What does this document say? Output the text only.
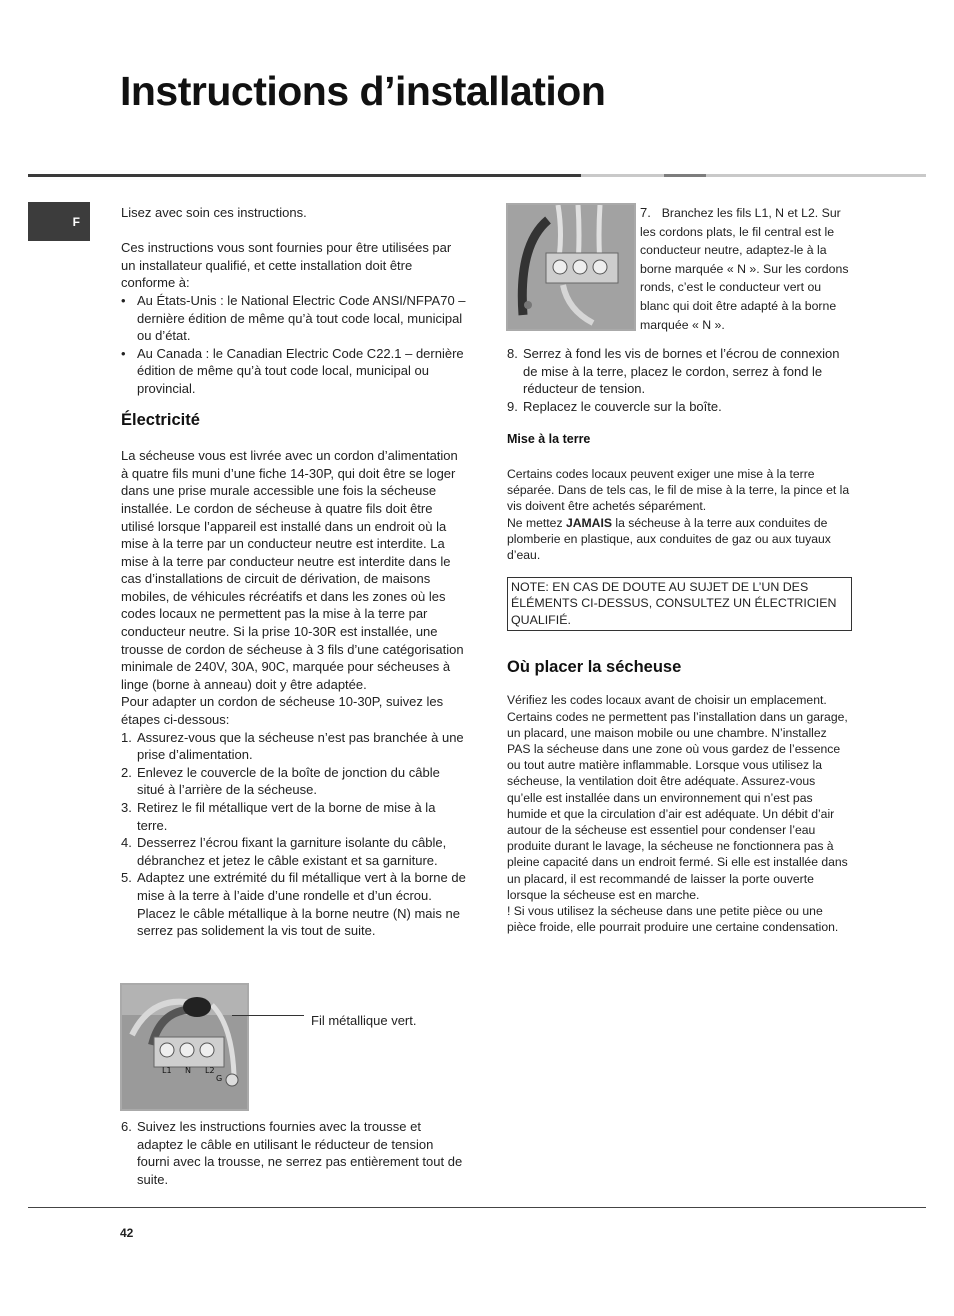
Instructions d’installation
F

Lisez avec soin ces instructions.

Ces instructions vous sont fournies pour être utilisées par un installateur qualifié, et cette installation doit être conforme à:

• Au États-Unis : le National Electric Code ANSI/NFPA70 – dernière édition de même qu’à tout code local, municipal ou d’état.
• Au Canada : le Canadian Electric Code C22.1 – dernière édition de même qu’à tout code local, municipal ou provincial.
Électricité

La sécheuse vous est livrée avec un cordon d’alimentation à quatre fils muni d’une fiche 14-30P, qui doit être se loger dans une prise murale accessible une fois la sécheuse installée. Le cordon de sécheuse à quatre fils doit être utilisé lorsque l’appareil est installé dans un endroit où la mise à la terre par un conducteur neutre est interdite. La mise à la terre par conducteur neutre est interdite dans le cas d’installations de circuit de dérivation, de maisons mobiles, de véhicules récréatifs et dans les zones où les codes locaux ne permettent pas la mise à la terre par conducteur neutre. Si la prise 10-30R est installée, une trousse de cordon de sécheuse à 3 fils d’une catégorisation minimale de 240V, 30A, 90C, marquée pour sécheuses à linge (borne à anneau) doit y être adaptée.

Pour adapter un cordon de sécheuse 10-30P, suivez les étapes ci-dessous:

1. Assurez-vous que la sécheuse n’est pas branchée à une prise d’alimentation.
2. Enlevez le couvercle de la boîte de jonction du câble situé à l’arrière de la sécheuse.
3. Retirez le fil métallique vert de la borne de mise à la terre.
4. Desserrez l’écrou fixant la garniture isolante du câble, débranchez et jetez le câble existant et sa garniture.
5. Adaptez une extrémité du fil métallique vert à la borne de mise à la terre à l’aide d’une rondelle et d’un écrou. Placez le câble métallique à la borne neutre (N) mais ne serrez pas solidement la vis tout de suite.
L1 N L2
G
Fil métallique vert.
6. Suivez les instructions fournies avec la trousse et adaptez le câble en utilisant le réducteur de tension fourni avec la trousse, ne serrez pas entièrement tout de suite.
7. Branchez les fils L1, N et L2. Sur les cordons plats, le fil central est le conducteur neutre, adaptez-le à la borne marquée « N ». Sur les cordons ronds, c’est le conducteur vert ou blanc qui doit être adapté à la borne marquée « N ».
8. Serrez à fond les vis de bornes et l’écrou de connexion de mise à la terre, placez le cordon, serrez à fond le réducteur de tension.
9. Replacez le couvercle sur la boîte.
Mise à la terre

Certains codes locaux peuvent exiger une mise à la terre séparée. Dans de tels cas, le fil de mise à la terre, la pince et la vis doivent être achetés séparément.

Ne mettez JAMAIS la sécheuse à la terre aux conduites de plomberie en plastique, aux conduites de gaz ou aux tuyaux d’eau.

NOTE: EN CAS DE DOUTE AU SUJET DE L’UN DES ÉLÉMENTS CI-DESSUS, CONSULTEZ UN ÉLECTRICIEN QUALIFIÉ.
Où placer la sécheuse

Vérifiez les codes locaux avant de choisir un emplacement. Certains codes ne permettent pas l’installation dans un garage, un placard, une maison mobile ou une chambre. N’installez PAS la sécheuse dans une zone où vous gardez de l’essence ou tout autre matière inflammable. Lorsque vous utilisez la sécheuse, la ventilation doit être adéquate. Assurez-vous qu’elle est installée dans un environnement qui n’est pas humide et que la circulation d’air est adéquate. Un débit d’air autour de la sécheuse est essentiel pour condenser l’eau produite durant le lavage, la sécheuse ne fonctionnera pas à pleine capacité dans un endroit fermé. Si elle est installée dans un placard, il est recommandé de laisser la porte ouverte lorsque la sécheuse est en marche.

! Si vous utilisez la sécheuse dans une petite pièce ou une pièce froide, elle pourrait produire une certaine condensation.

42
